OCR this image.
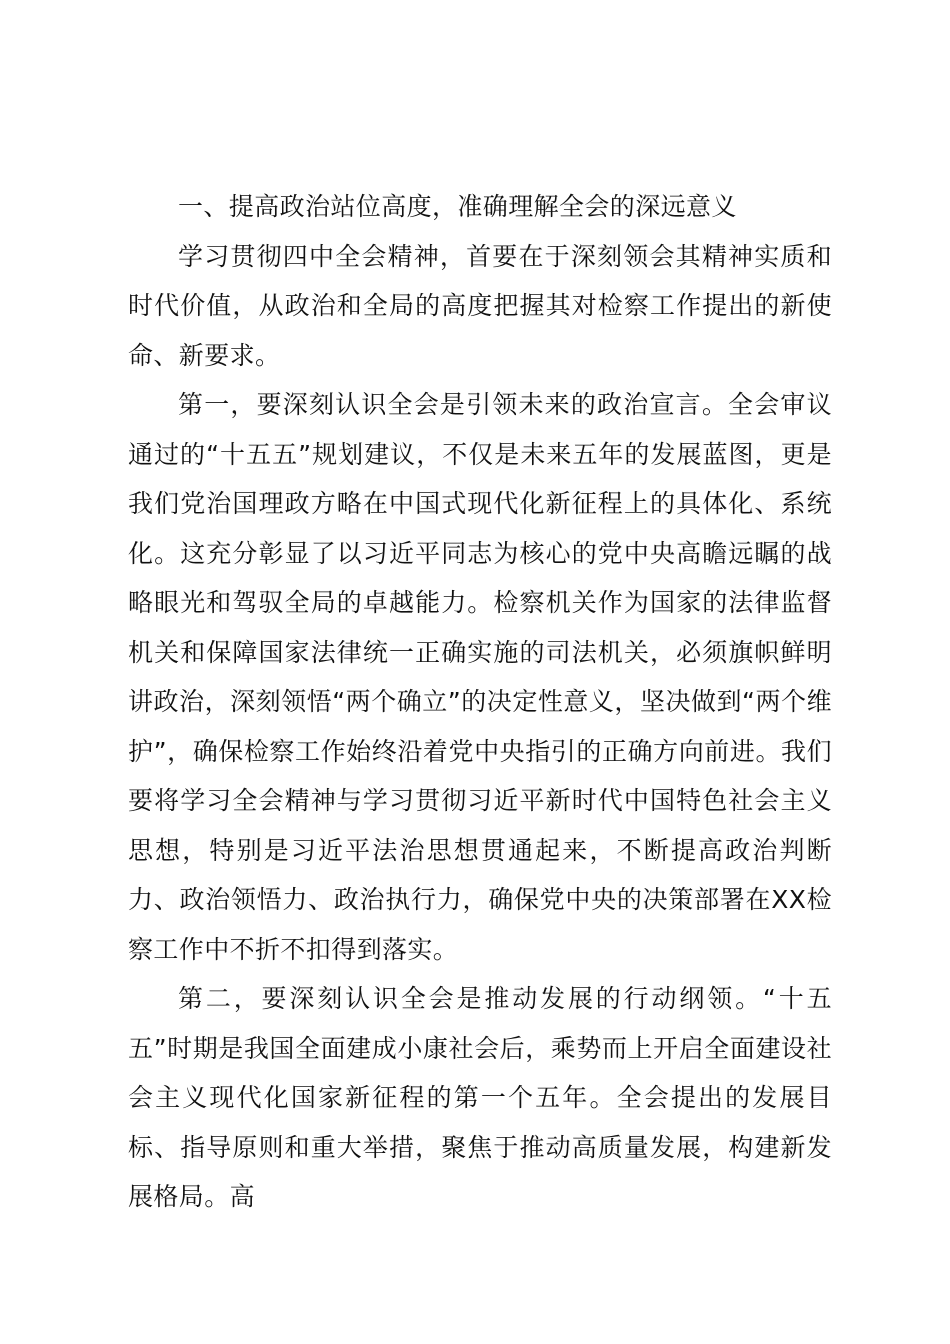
一、提高政治站位高度，准确理解全会的深远意义

学习贯彻四中全会精神，首要在于深刻领会其精神实质和时代价值，从政治和全局的高度把握其对检察工作提出的新使命、新要求。

第一，要深刻认识全会是引领未来的政治宣言。全会审议通过的“十五五”规划建议，不仅是未来五年的发展蓝图，更是我们党治国理政方略在中国式现代化新征程上的具体化、系统化。这充分彰显了以习近平同志为核心的党中央高瞻远瞩的战略眼光和驾驭全局的卓越能力。检察机关作为国家的法律监督机关和保障国家法律统一正确实施的司法机关，必须旗帜鲜明讲政治，深刻领悟“两个确立”的决定性意义，坚决做到“两个维护”，确保检察工作始终沿着党中央指引的正确方向前进。我们要将学习全会精神与学习贯彻习近平新时代中国特色社会主义思想，特别是习近平法治思想贯通起来，不断提高政治判断力、政治领悟力、政治执行力，确保党中央的决策部署在XX检察工作中不折不扣得到落实。

第二，要深刻认识全会是推动发展的行动纲领。“十五五”时期是我国全面建成小康社会后，乘势而上开启全面建设社会主义现代化国家新征程的第一个五年。全会提出的发展目标、指导原则和重大举措，聚焦于推动高质量发展，构建新发展格局。高
